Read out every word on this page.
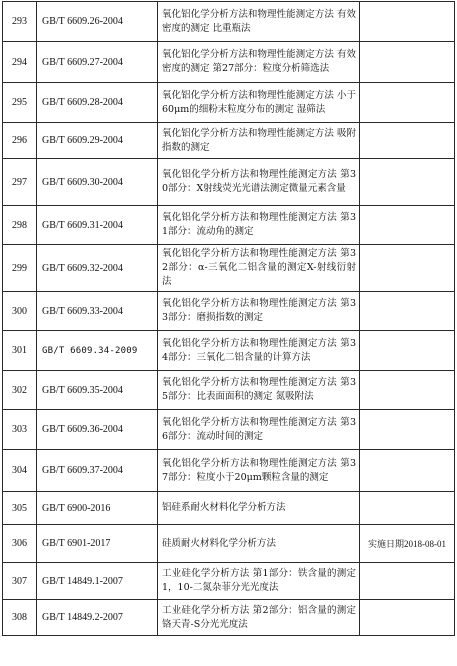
293	GB/T 6609.26-2004	氧化铝化学分析方法和物理性能测定方法 有效密度的测定 比重瓶法	
294	GB/T 6609.27-2004	氧化铝化学分析方法和物理性能测定方法 有效密度的测定 第27部分：粒度分析筛选法	
295	GB/T 6609.28-2004	氧化铝化学分析方法和物理性能测定方法 小于60μm的细粉末粒度分布的测定 湿筛法	
296	GB/T 6609.29-2004	氧化铝化学分析方法和物理性能测定方法 吸附指数的测定	
297	GB/T 6609.30-2004	氧化铝化学分析方法和物理性能测定方法 第30部分：X射线荧光光谱法测定微量元素含量	
298	GB/T 6609.31-2004	氧化铝化学分析方法和物理性能测定方法 第31部分：流动角的测定	
299	GB/T 6609.32-2004	氧化铝化学分析方法和物理性能测定方法 第32部分：α-三氧化二铝含量的测定X-射线衍射法	
300	GB/T 6609.33-2004	氧化铝化学分析方法和物理性能测定方法 第33部分：磨损指数的测定	
301	GB/T 6609.34-2009	氧化铝化学分析方法和物理性能测定方法 第34部分：三氧化二铝含量的计算方法	
302	GB/T 6609.35-2004	氧化铝化学分析方法和物理性能测定方法 第35部分：比表面面积的测定 氮吸附法	
303	GB/T 6609.36-2004	氧化铝化学分析方法和物理性能测定方法 第36部分：流动时间的测定	
304	GB/T 6609.37-2004	氧化铝化学分析方法和物理性能测定方法 第37部分：粒度小于20μm颗粒含量的测定	
305	GB/T 6900-2016	铝硅系耐火材料化学分析方法	
306	GB/T 6901-2017	硅质耐火材料化学分析方法	实施日期2018-08-01
307	GB/T 14849.1-2007	工业硅化学分析方法 第1部分：铁含量的测定 1，10-二氮杂菲分光光度法	
308	GB/T 14849.2-2007	工业硅化学分析方法 第2部分：铝含量的测定 铬天青-S分光光度法	
